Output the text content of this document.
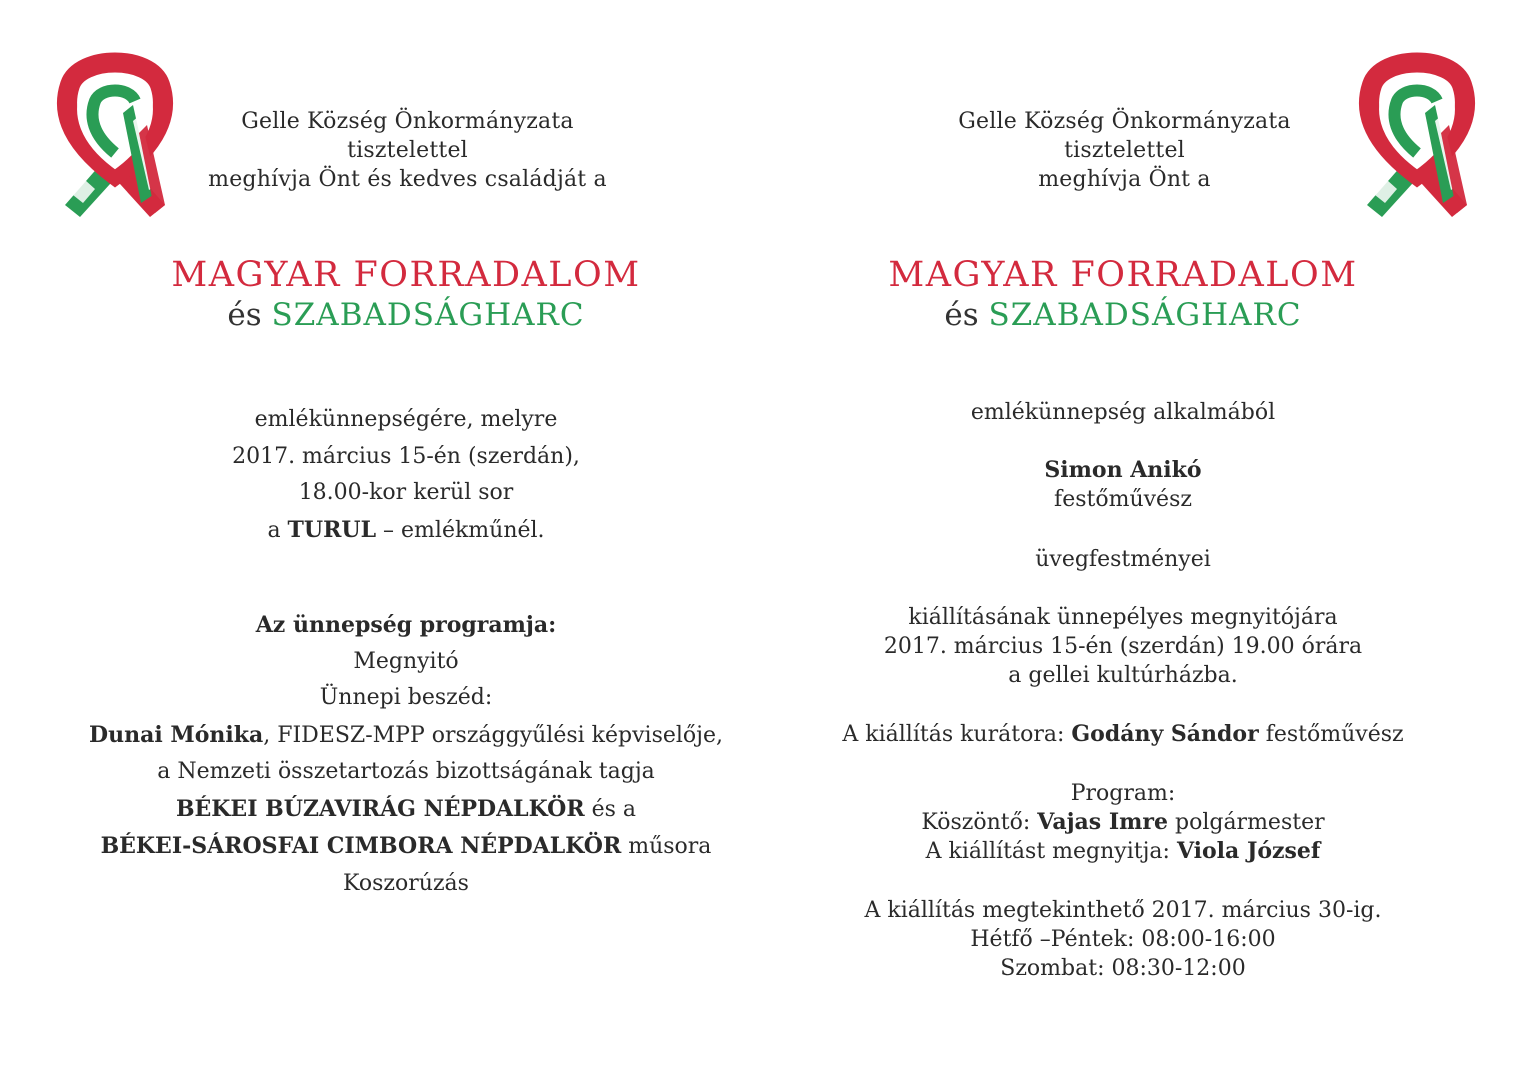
Gelle Község Önkormányzata tisztelettel
meghívja Önt és kedves családját a
MAGYAR FORRADALOM
és SZABADSÁGHARC
emlékünnepségére, melyre
2017. március 15-én (szerdán),
18.00-kor kerül sor
a TURUL – emlékműnél.
Az ünnepség programja:
Megnyitó
Ünnepi beszéd:
Dunai Mónika, FIDESZ-MPP országgyűlési képviselője,
a Nemzeti összetartozás bizottságának tagja
BÉKEI BÚZAVIRÁG NÉPDALKÖR és a
BÉKEI-SÁROSFAI CIMBORA NÉPDALKÖR műsora
Koszorúzás
Gelle Község Önkormányzata tisztelettel
meghívja Önt a
MAGYAR FORRADALOM
és SZABADSÁGHARC
emlékünnepség alkalmából
Simon Anikó
festőművész
üvegfestményei
kiállításának ünnepélyes megnyitójára
2017. március 15-én (szerdán) 19.00 órára
a gellei kultúrházba.
A kiállítás kurátora: Godány Sándor festőművész
Program:
Köszöntő: Vajas Imre polgármester
A kiállítást megnyitja: Viola József
A kiállítás megtekinthető 2017. március 30-ig.
Hétfő –Péntek: 08:00-16:00
Szombat: 08:30-12:00
